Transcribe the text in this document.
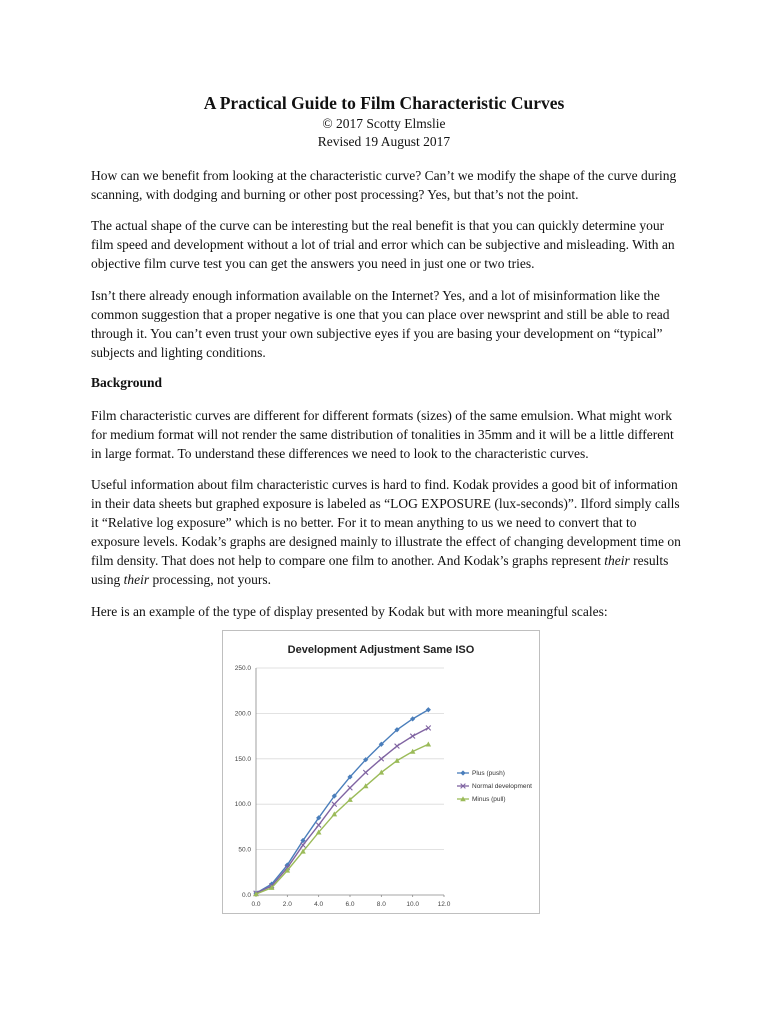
A Practical Guide to Film Characteristic Curves
© 2017 Scotty Elmslie
Revised 19 August 2017

How can we benefit from looking at the characteristic curve? Can’t we modify the shape of the curve during scanning, with dodging and burning or other post processing? Yes, but that’s not the point.

The actual shape of the curve can be interesting but the real benefit is that you can quickly determine your film speed and development without a lot of trial and error which can be subjective and misleading. With an objective film curve test you can get the answers you need in just one or two tries.

Isn’t there already enough information available on the Internet? Yes, and a lot of misinformation like the common suggestion that a proper negative is one that you can place over newsprint and still be able to read through it. You can’t even trust your own subjective eyes if you are basing your development on “typical” subjects and lighting conditions.

Background

Film characteristic curves are different for different formats (sizes) of the same emulsion. What might work for medium format will not render the same distribution of tonalities in 35mm and it will be a little different in large format. To understand these differences we need to look to the characteristic curves.

Useful information about film characteristic curves is hard to find. Kodak provides a good bit of information in their data sheets but graphed exposure is labeled as “LOG EXPOSURE (lux-seconds)”. Ilford simply calls it “Relative log exposure” which is no better. For it to mean anything to us we need to convert that to exposure levels. Kodak’s graphs are designed mainly to illustrate the effect of changing development time on film density. That does not help to compare one film to another. And Kodak’s graphs represent their results using their processing, not yours.

Here is an example of the type of display presented by Kodak but with more meaningful scales:

Development Adjustment Same ISO
0.0
50.0
100.0
150.0
200.0
250.0
0.0	2.0	4.0	6.0	8.0	10.0	12.0
Plus (push)
Normal development
Minus (pull)
